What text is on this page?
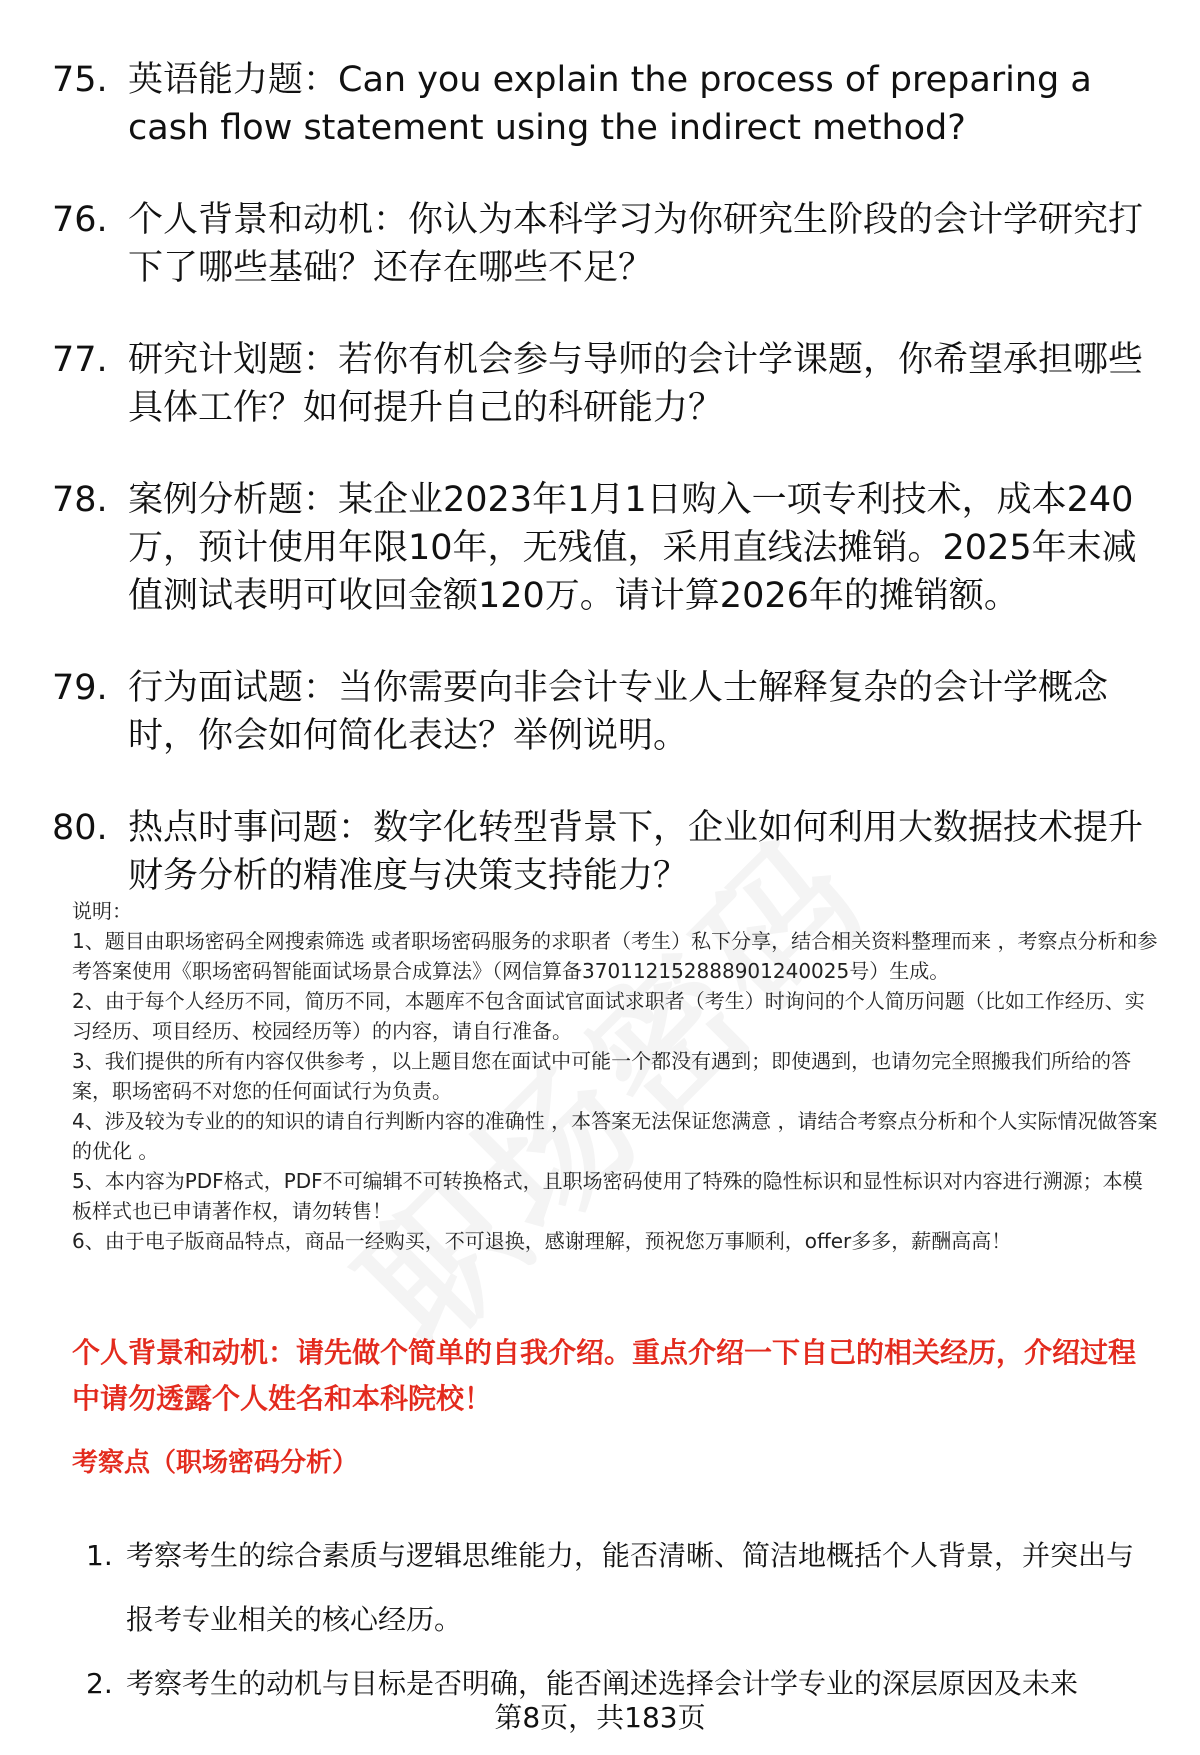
75. 英语能力题：Can you explain the process of preparing a cash flow statement using the indirect method?
76. 个人背景和动机：你认为本科学习为你研究生阶段的会计学研究打下了哪些基础？还存在哪些不足？
77. 研究计划题：若你有机会参与导师的会计学课题，你希望承担哪些具体工作？如何提升自己的科研能力？
78. 案例分析题：某企业2023年1月1日购入一项专利技术，成本240万，预计使用年限10年，无残值，采用直线法摊销。2025年末减值测试表明可收回金额120万。请计算2026年的摊销额。
79. 行为面试题：当你需要向非会计专业人士解释复杂的会计学概念时，你会如何简化表达？举例说明。
80. 热点时事问题：数字化转型背景下，企业如何利用大数据技术提升财务分析的精准度与决策支持能力？

说明：

1、题目由职场密码全网搜索筛选 或者职场密码服务的求职者（考生）私下分享，结合相关资料整理而来 ，考察点分析和参考答案使用《职场密码智能面试场景合成算法》（网信算备370112152888901240025号）生成。

2、由于每个人经历不同，简历不同，本题库不包含面试官面试求职者（考生）时询问的个人简历问题（比如工作经历、实习经历、项目经历、校园经历等）的内容，请自行准备。

3、我们提供的所有内容仅供参考 ，以上题目您在面试中可能一个都没有遇到；即使遇到，也请勿完全照搬我们所给的答案，职场密码不对您的任何面试行为负责。

4、涉及较为专业的的知识的请自行判断内容的准确性 ，本答案无法保证您满意 ，请结合考察点分析和个人实际情况做答案的优化 。

5、本内容为PDF格式，PDF不可编辑不可转换格式，且职场密码使用了特殊的隐性标识和显性标识对内容进行溯源；本模板样式也已申请著作权，请勿转售！

6、由于电子版商品特点，商品一经购买，不可退换，感谢理解，预祝您万事顺利，offer多多，薪酬高高！

个人背景和动机：请先做个简单的自我介绍。重点介绍一下自己的相关经历，介绍过程中请勿透露个人姓名和本科院校！
考察点（职场密码分析）
1. 考察考生的综合素质与逻辑思维能力，能否清晰、简洁地概括个人背景，并突出与报考专业相关的核心经历。
2. 考察考生的动机与目标是否明确，能否阐述选择会计学专业的深层原因及未来
第8页，共183页
